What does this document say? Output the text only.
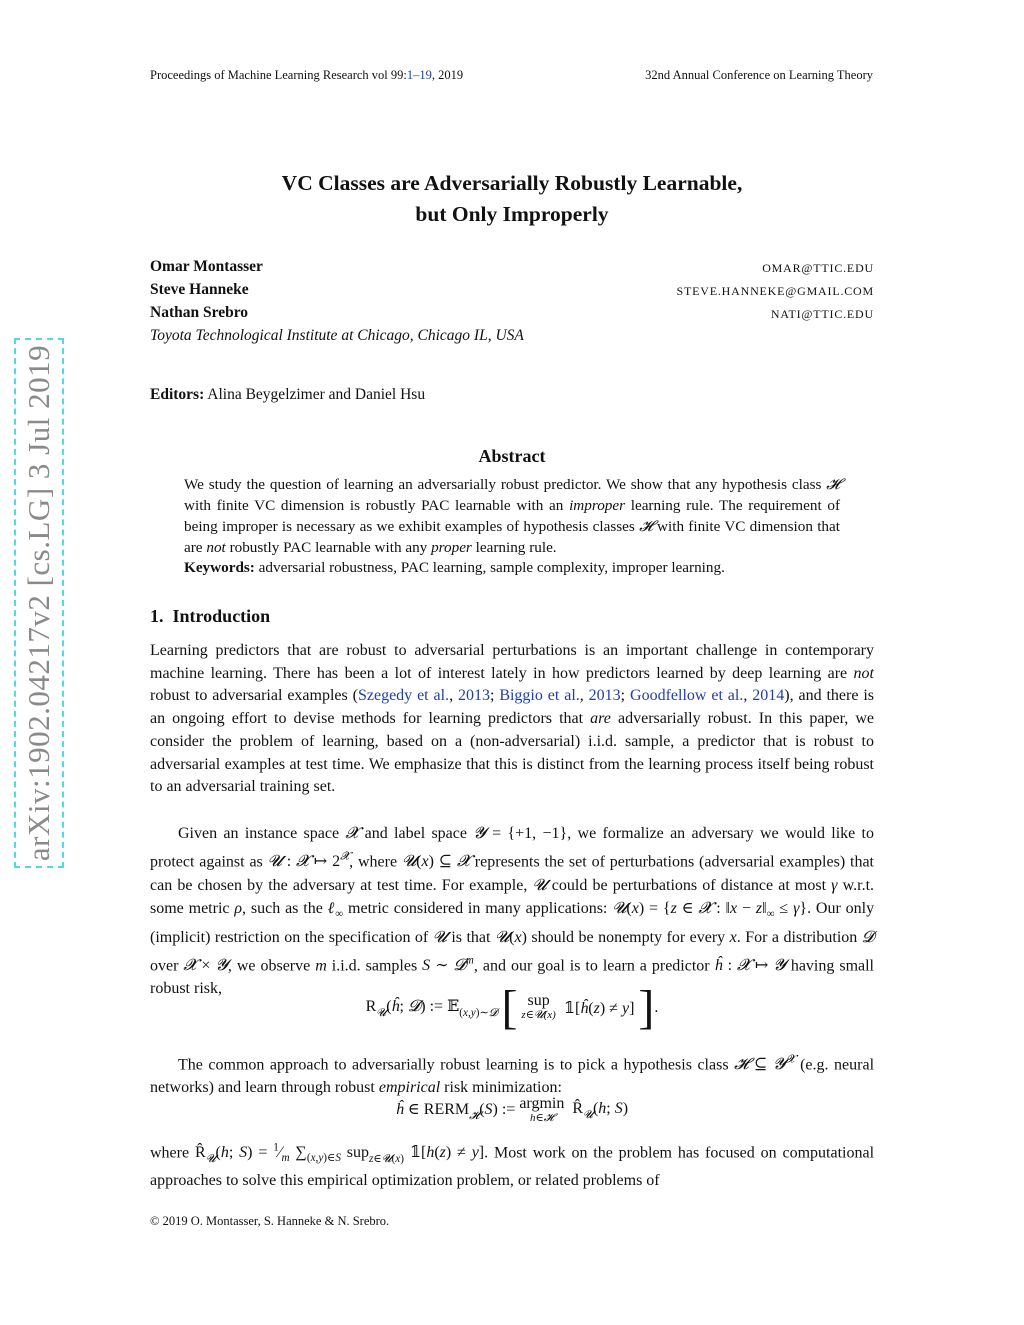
Proceedings of Machine Learning Research vol 99:1–19, 2019	32nd Annual Conference on Learning Theory
arXiv:1902.04217v2 [cs.LG] 3 Jul 2019
VC Classes are Adversarially Robustly Learnable,
but Only Improperly
Omar Montasser	OMAR@TTIC.EDU
Steve Hanneke	STEVE.HANNEKE@GMAIL.COM
Nathan Srebro	NATI@TTIC.EDU
Toyota Technological Institute at Chicago, Chicago IL, USA
Editors: Alina Beygelzimer and Daniel Hsu
Abstract
We study the question of learning an adversarially robust predictor. We show that any hypothesis class 𝓗 with finite VC dimension is robustly PAC learnable with an improper learning rule. The requirement of being improper is necessary as we exhibit examples of hypothesis classes 𝓗 with finite VC dimension that are not robustly PAC learnable with any proper learning rule.
Keywords: adversarial robustness, PAC learning, sample complexity, improper learning.
1. Introduction
Learning predictors that are robust to adversarial perturbations is an important challenge in contemporary machine learning. There has been a lot of interest lately in how predictors learned by deep learning are not robust to adversarial examples (Szegedy et al., 2013; Biggio et al., 2013; Goodfellow et al., 2014), and there is an ongoing effort to devise methods for learning predictors that are adversarially robust. In this paper, we consider the problem of learning, based on a (non-adversarial) i.i.d. sample, a predictor that is robust to adversarial examples at test time. We emphasize that this is distinct from the learning process itself being robust to an adversarial training set.
Given an instance space 𝓧 and label space 𝓨 = {+1, −1}, we formalize an adversary we would like to protect against as 𝓤 : 𝓧 ↦ $2^𝓧$, where 𝓤(x) ⊆ 𝓧 represents the set of perturbations (adversarial examples) that can be chosen by the adversary at test time. For example, 𝓤 could be perturbations of distance at most γ w.r.t. some metric ρ, such as the ℓ$_\infty$ metric considered in many applications: 𝓤(x) = {z ∈ 𝓧 : ‖x − $z‖_\infty \le \gamma$}. Our only (implicit) restriction on the specification of 𝓤 is that 𝓤(x) should be nonempty for every x. For a distribution 𝓓 over 𝓧 × 𝓨, we observe m i.i.d. samples S ∼ 𝓓$^m$, and our goal is to learn a predictor ĥ : 𝓧 ↦ 𝓨 having small robust risk,
$R_𝓤(ĥ$; 𝓓) := 𝔼$_{(x,y)\sim 𝓓}$ [ sup
z∈𝓤(x) 𝟙[ĥ(z) ≠ y] ].
The common approach to adversarially robust learning is to pick a hypothesis class 𝓗 ⊆ 𝓨$^𝓧$ (e.g. neural networks) and learn through robust empirical risk minimization:
ĥ ∈ $RERM_𝓗(S)$ := argmin
h∈𝓗
$R̂_𝓤(h$; S)
where $R̂_𝓤(h$; $S) = ^1⁄_m$ $\sum_{(x,y)\in S}$ sup$_{z\in 𝓤(x)}$ 𝟙[h(z) ≠ y]. Most work on the problem has focused on computational approaches to solve this empirical optimization problem, or related problems of
© 2019 O. Montasser, S. Hanneke & N. Srebro.
